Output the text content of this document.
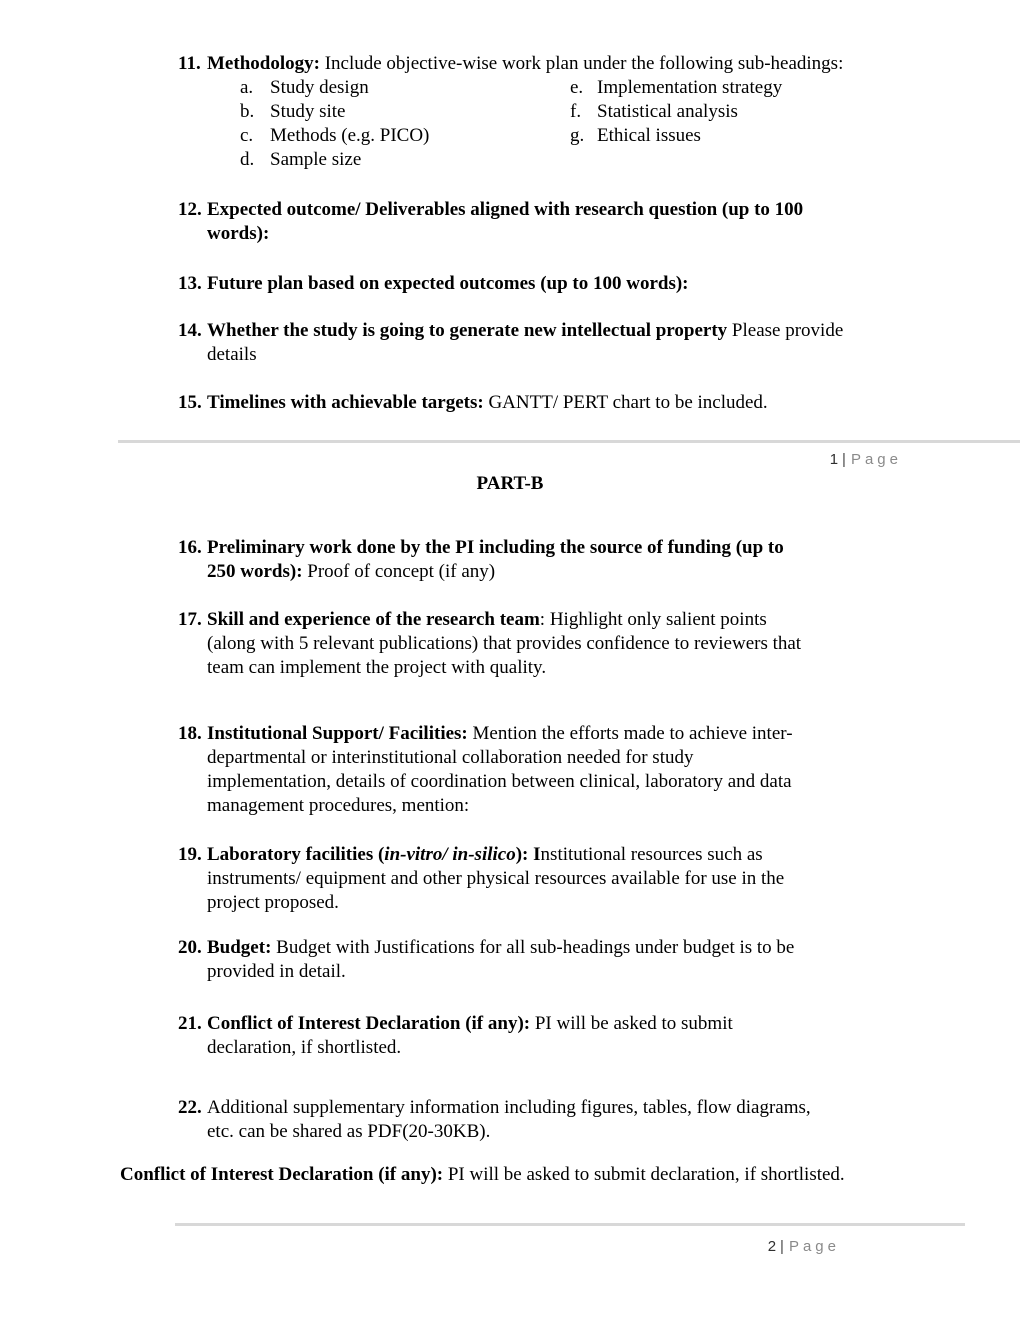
11. Methodology: Include objective-wise work plan under the following sub-headings:
a. Study design	e. Implementation strategy
b. Study site	f. Statistical analysis
c. Methods (e.g. PICO)	g. Ethical issues
d. Sample size
12. Expected outcome/ Deliverables aligned with research question (up to 100
words):
13. Future plan based on expected outcomes (up to 100 words):
14. Whether the study is going to generate new intellectual property Please provide
details
15. Timelines with achievable targets: GANTT/ PERT chart to be included.
16. Preliminary work done by the PI including the source of funding (up to
250 words): Proof of concept (if any)
17. Skill and experience of the research team: Highlight only salient points
(along with 5 relevant publications) that provides confidence to reviewers that
team can implement the project with quality.
18. Institutional Support/ Facilities: Mention the efforts made to achieve inter-
departmental or interinstitutional collaboration needed for study
implementation, details of coordination between clinical, laboratory and data
management procedures, mention:
19. Laboratory facilities (in-vitro/ in-silico): Institutional resources such as
instruments/ equipment and other physical resources available for use in the
project proposed.
20. Budget: Budget with Justifications for all sub-headings under budget is to be
provided in detail.
21. Conflict of Interest Declaration (if any): PI will be asked to submit
declaration, if shortlisted.
22. Additional supplementary information including figures, tables, flow diagrams,
etc. can be shared as PDF(20-30KB).
1 | Page
PART-B
Conflict of Interest Declaration (if any): PI will be asked to submit declaration, if shortlisted.
2 | Page
